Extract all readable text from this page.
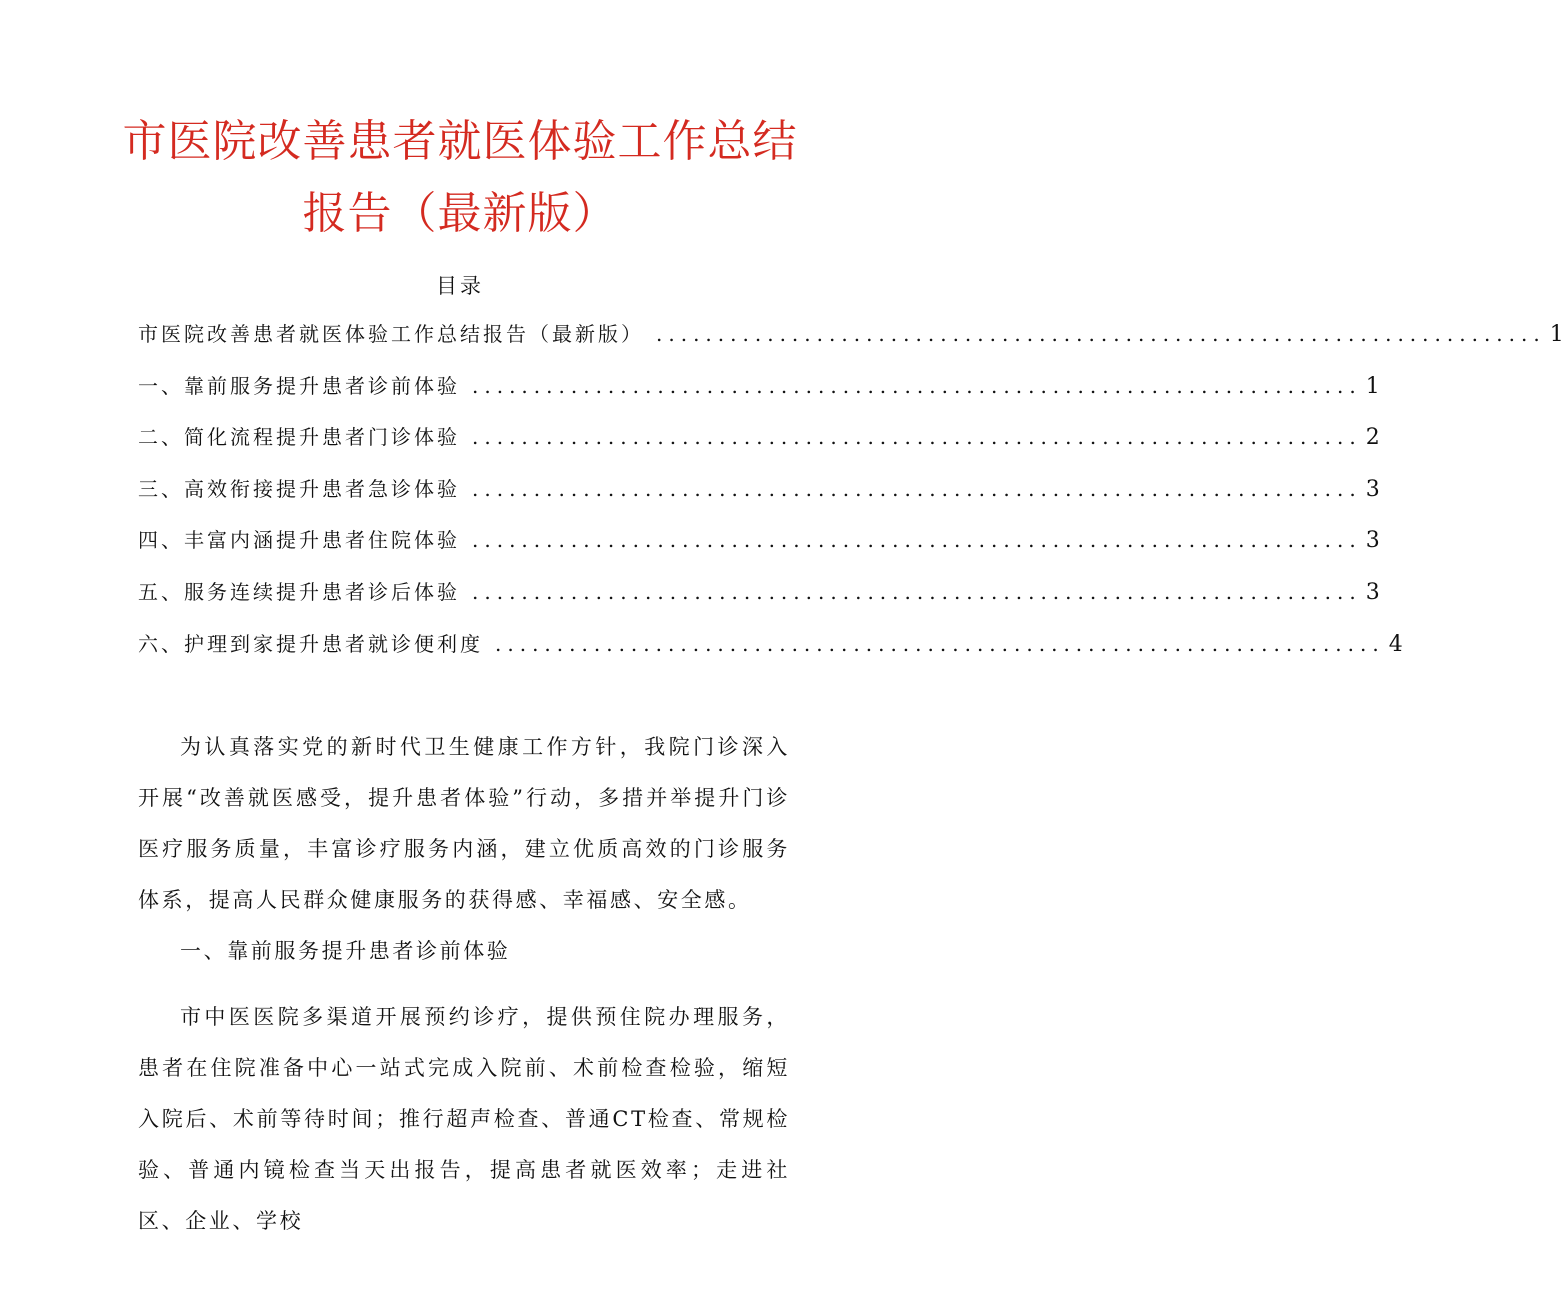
市医院改善患者就医体验工作总结
报告（最新版）
目录
市医院改善患者就医体验工作总结报告（最新版） ........................................................................ 1
一、靠前服务提升患者诊前体验 ........................................................................ 1
二、简化流程提升患者门诊体验 ........................................................................ 2
三、高效衔接提升患者急诊体验 ........................................................................ 3
四、丰富内涵提升患者住院体验 ........................................................................ 3
五、服务连续提升患者诊后体验 ........................................................................ 3
六、护理到家提升患者就诊便利度 ........................................................................ 4

为认真落实党的新时代卫生健康工作方针，我院门诊深入开展“改善就医感受，提升患者体验”行动，多措并举提升门诊医疗服务质量，丰富诊疗服务内涵，建立优质高效的门诊服务体系，提高人民群众健康服务的获得感、幸福感、安全感。

一、靠前服务提升患者诊前体验

市中医医院多渠道开展预约诊疗，提供预住院办理服务，患者在住院准备中心一站式完成入院前、术前检查检验，缩短入院后、术前等待时间；推行超声检查、普通CT检查、常规检验、普通内镜检查当天出报告，提高患者就医效率；走进社区、企业、学校
